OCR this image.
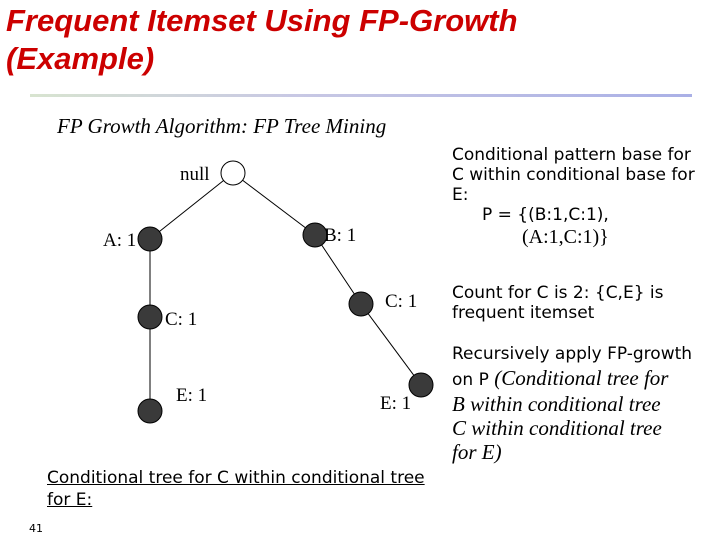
Frequent Itemset Using FP-Growth
(Example)
FP Growth Algorithm: FP Tree Mining
null
A: 1	B: 1
C: 1
C: 1
E: 1	E: 1
Conditional tree for C within conditional tree
for E:
Conditional pattern base for
C within conditional base for
E:
P = {(B:1,C:1),
(A:1,C:1)}
Count for C is 2: {C,E} is
frequent itemset
Recursively apply FP-growth
on P (Conditional tree for
B within conditional tree
C within conditional tree
for E)
41
